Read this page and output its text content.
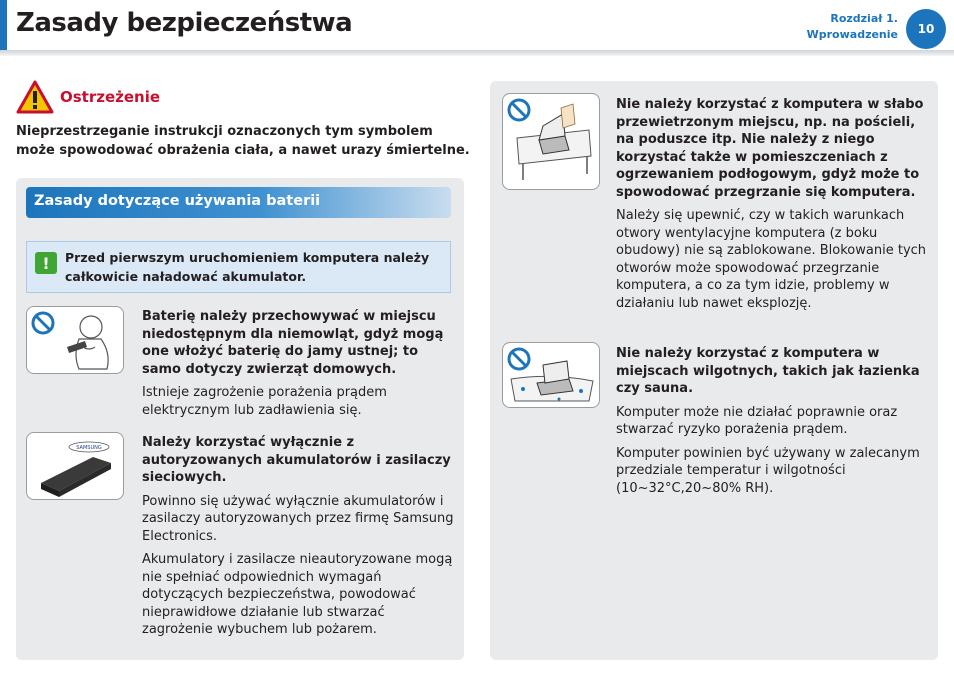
Zasady bezpieczeństwa	Rozdział 1.
Wprowadzenie	10
Ostrzeżenie
Nieprzestrzeganie instrukcji oznaczonych tym symbolem może spowodować obrażenia ciała, a nawet urazy śmiertelne.
Zasady dotyczące używania baterii
!	Przed pierwszym uruchomieniem komputera należy całkowicie naładować akumulator.

Baterię należy przechowywać w miejscu niedostępnym dla niemowląt, gdyż mogą one włożyć baterię do jamy ustnej; to samo dotyczy zwierząt domowych.

Istnieje zagrożenie porażenia prądem elektrycznym lub zadławienia się.

SAMSUNG	Należy korzystać wyłącznie z autoryzowanych akumulatorów i zasilaczy sieciowych.

Powinno się używać wyłącznie akumulatorów i zasilaczy autoryzowanych przez firmę Samsung Electronics.

Akumulatory i zasilacze nieautoryzowane mogą nie spełniać odpowiednich wymagań dotyczących bezpieczeństwa, powodować nieprawidłowe działanie lub stwarzać zagrożenie wybuchem lub pożarem.

Nie należy korzystać z komputera w słabo przewietrzonym miejscu, np. na pościeli, na poduszce itp. Nie należy z niego korzystać także w pomieszczeniach z ogrzewaniem podłogowym, gdyż może to spowodować przegrzanie się komputera.

Należy się upewnić, czy w takich warunkach otwory wentylacyjne komputera (z boku obudowy) nie są zablokowane. Blokowanie tych otworów może spowodować przegrzanie komputera, a co za tym idzie, problemy w działaniu lub nawet eksplozję.

Nie należy korzystać z komputera w miejscach wilgotnych, takich jak łazienka czy sauna.

Komputer może nie działać poprawnie oraz stwarzać ryzyko porażenia prądem.

Komputer powinien być używany w zalecanym przedziale temperatur i wilgotności (10~32°C,20~80% RH).
